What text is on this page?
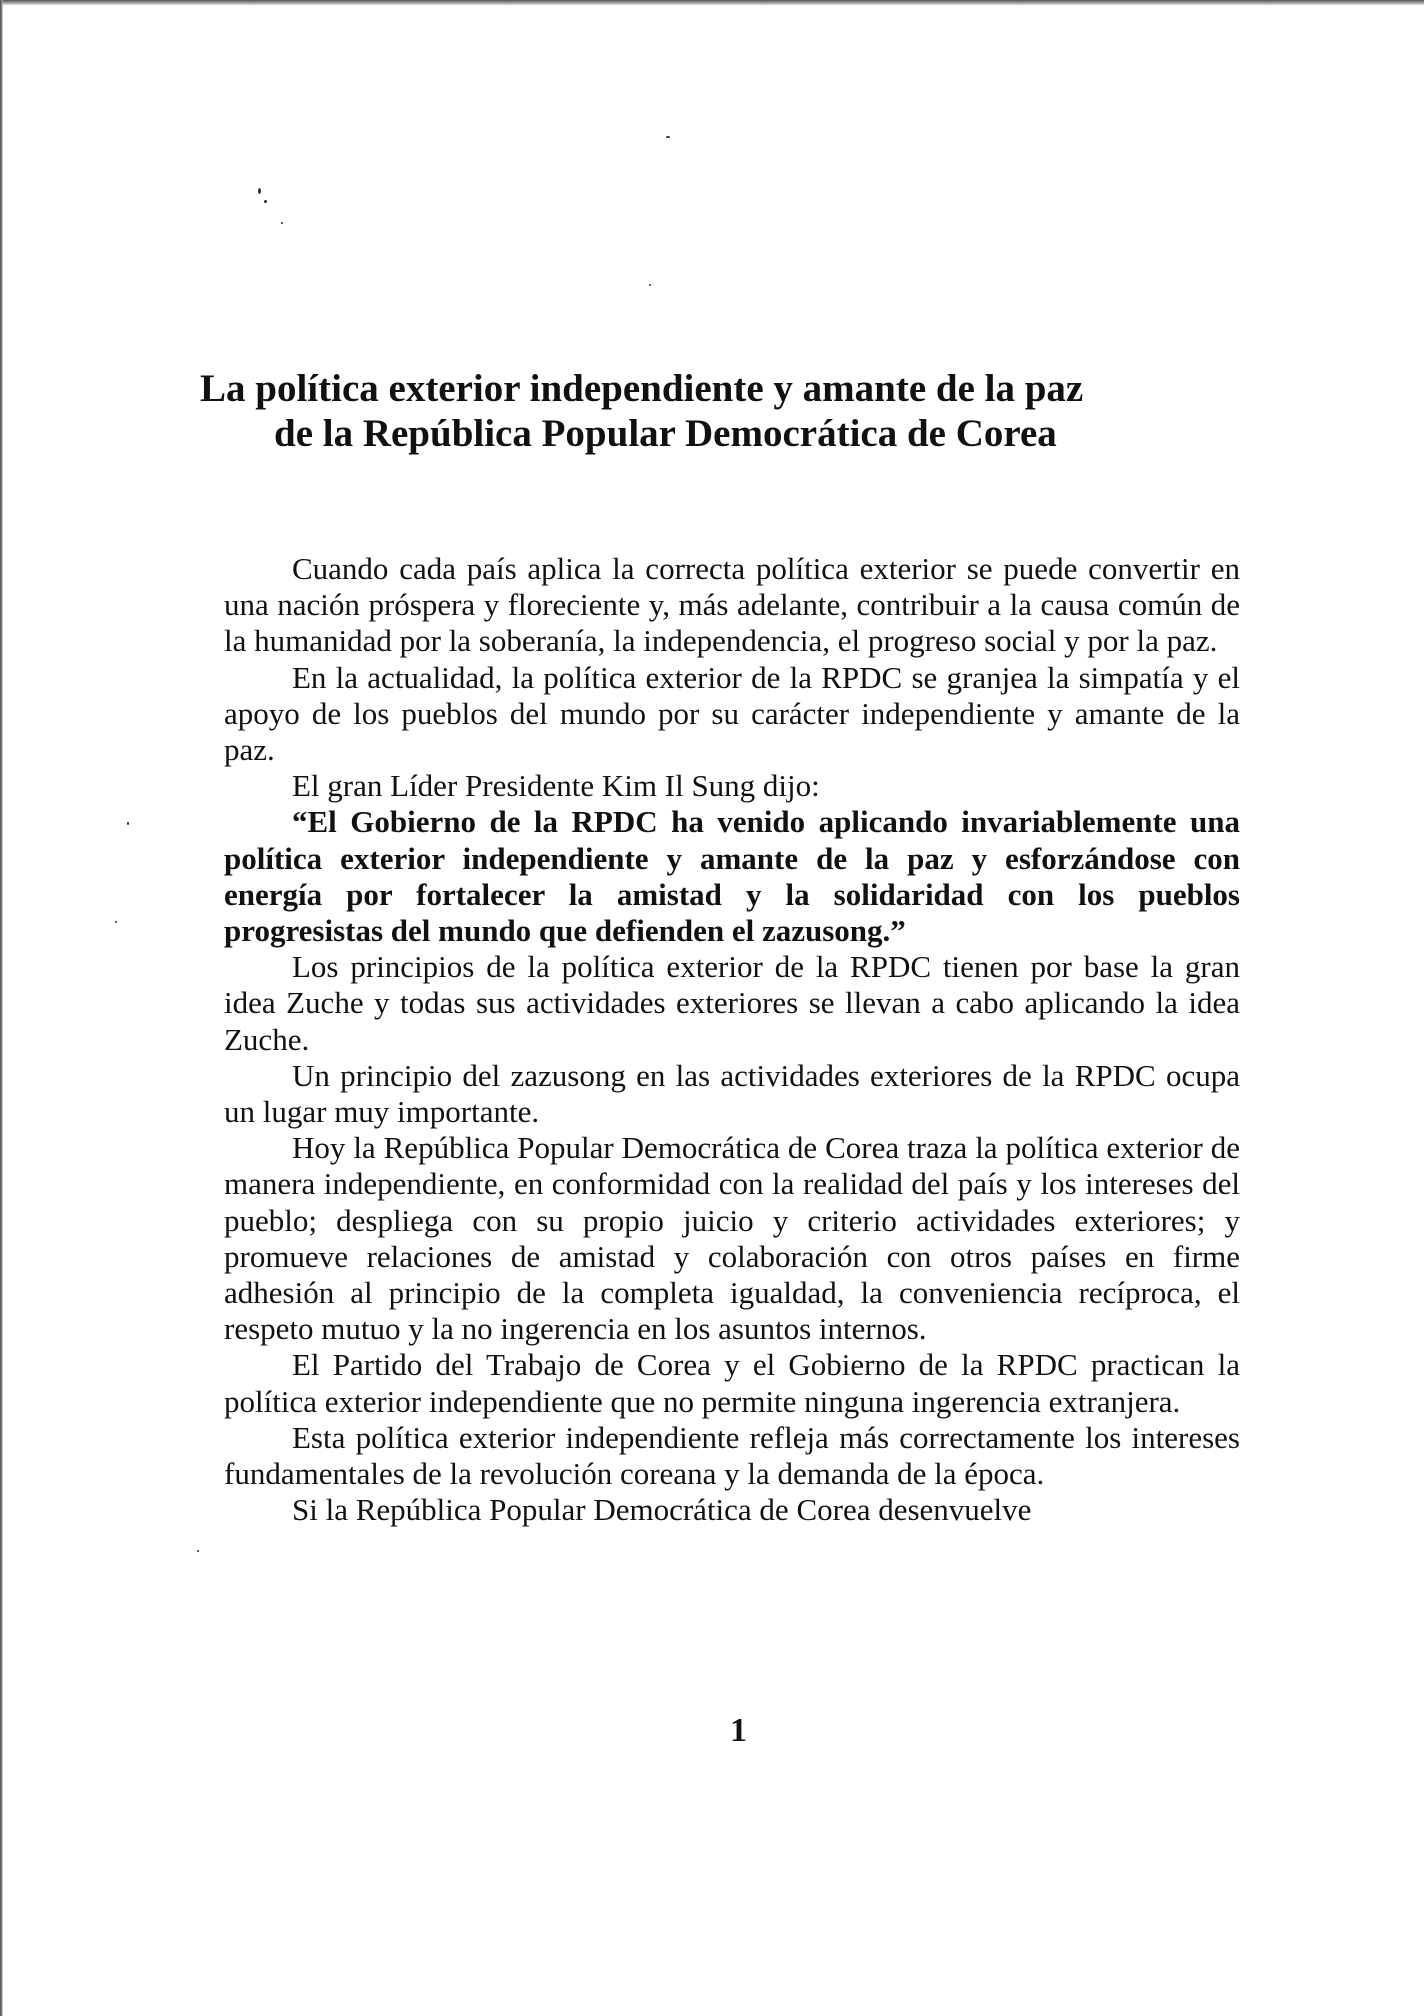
La política exterior independiente y amante de la paz
de la República Popular Democrática de Corea

Cuando cada país aplica la correcta política exterior se puede convertir en una nación próspera y floreciente y, más adelante, contribuir a la causa común de la humanidad por la soberanía, la independencia, el progreso social y por la paz.

En la actualidad, la política exterior de la RPDC se granjea la simpatía y el apoyo de los pueblos del mundo por su carácter independiente y amante de la paz.

El gran Líder Presidente Kim Il Sung dijo:

“El Gobierno de la RPDC ha venido aplicando invariablemente una política exterior independiente y amante de la paz y esforzándose con energía por fortalecer la amistad y la solidaridad con los pueblos progresistas del mundo que defienden el zazusong.”

Los principios de la política exterior de la RPDC tienen por base la gran idea Zuche y todas sus actividades exteriores se llevan a cabo aplicando la idea Zuche.

Un principio del zazusong en las actividades exteriores de la RPDC ocupa un lugar muy importante.

Hoy la República Popular Democrática de Corea traza la política exterior de manera independiente, en conformidad con la realidad del país y los intereses del pueblo; despliega con su propio juicio y criterio actividades exteriores; y promueve relaciones de amistad y colaboración con otros países en firme adhesión al principio de la completa igualdad, la conveniencia recíproca, el respeto mutuo y la no ingerencia en los asuntos internos.

El Partido del Trabajo de Corea y el Gobierno de la RPDC practican la política exterior independiente que no permite ninguna ingerencia extranjera.

Esta política exterior independiente refleja más correctamente los intereses fundamentales de la revolución coreana y la demanda de la época.

Si la República Popular Democrática de Corea desenvuelve

1
